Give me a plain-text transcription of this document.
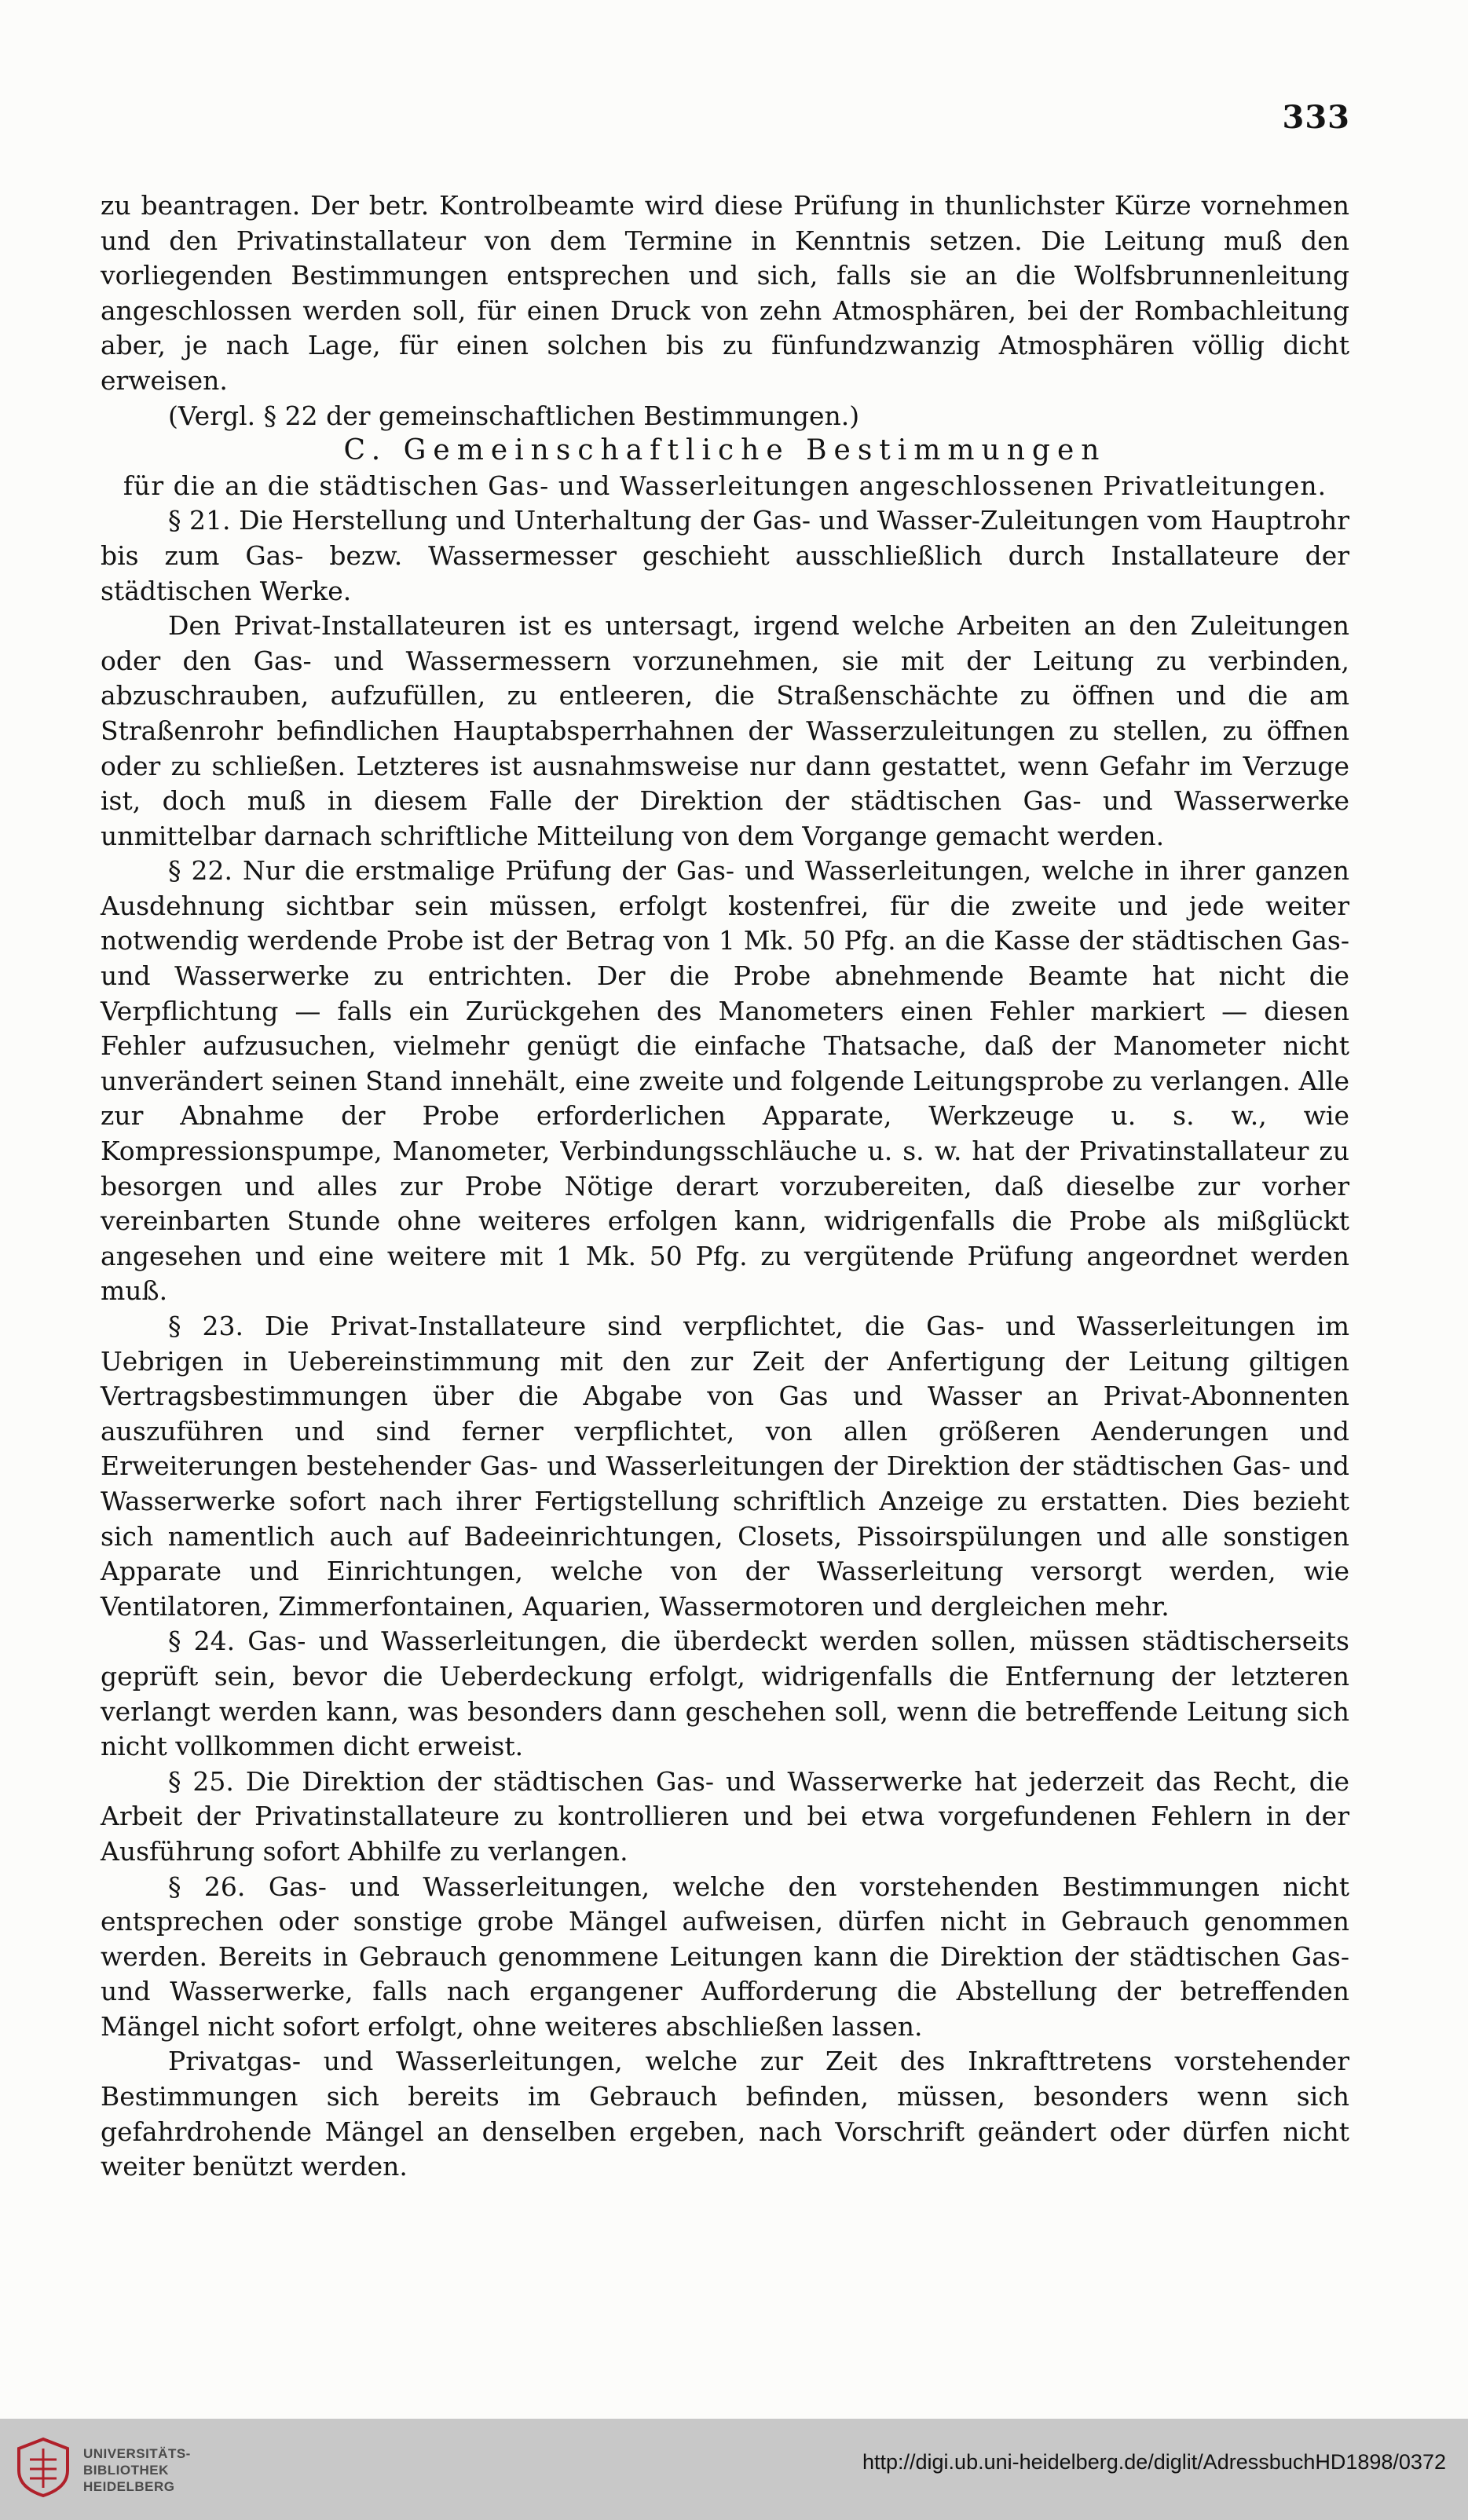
333

zu beantragen. Der betr. Kontrolbeamte wird diese Prüfung in thunlichster Kürze vornehmen und den Privatinstallateur von dem Termine in Kenntnis setzen. Die Leitung muß den vorliegenden Bestimmungen entsprechen und sich, falls sie an die Wolfsbrunnenleitung angeschlossen werden soll, für einen Druck von zehn Atmosphären, bei der Rombachleitung aber, je nach Lage, für einen solchen bis zu fünfundzwanzig Atmosphären völlig dicht erweisen.

(Vergl. § 22 der gemeinschaftlichen Bestimmungen.)

C. Gemeinschaftliche Bestimmungen

für die an die städtischen Gas- und Wasserleitungen angeschlossenen Privatleitungen.

§ 21. Die Herstellung und Unterhaltung der Gas- und Wasser-Zuleitungen vom Hauptrohr bis zum Gas- bezw. Wassermesser geschieht ausschließlich durch Installateure der städtischen Werke.

Den Privat-Installateuren ist es untersagt, irgend welche Arbeiten an den Zuleitungen oder den Gas- und Wassermessern vorzunehmen, sie mit der Leitung zu verbinden, abzuschrauben, aufzufüllen, zu entleeren, die Straßenschächte zu öffnen und die am Straßenrohr befindlichen Hauptabsperrhahnen der Wasserzuleitungen zu stellen, zu öffnen oder zu schließen. Letzteres ist ausnahmsweise nur dann gestattet, wenn Gefahr im Verzuge ist, doch muß in diesem Falle der Direktion der städtischen Gas- und Wasserwerke unmittelbar darnach schriftliche Mitteilung von dem Vorgange gemacht werden.

§ 22. Nur die erstmalige Prüfung der Gas- und Wasserleitungen, welche in ihrer ganzen Ausdehnung sichtbar sein müssen, erfolgt kostenfrei, für die zweite und jede weiter notwendig werdende Probe ist der Betrag von 1 Mk. 50 Pfg. an die Kasse der städtischen Gas- und Wasserwerke zu entrichten. Der die Probe abnehmende Beamte hat nicht die Verpflichtung — falls ein Zurückgehen des Manometers einen Fehler markiert — diesen Fehler aufzusuchen, vielmehr genügt die einfache Thatsache, daß der Manometer nicht unverändert seinen Stand innehält, eine zweite und folgende Leitungsprobe zu verlangen. Alle zur Abnahme der Probe erforderlichen Apparate, Werkzeuge u. s. w., wie Kompressionspumpe, Manometer, Verbindungsschläuche u. s. w. hat der Privatinstallateur zu besorgen und alles zur Probe Nötige derart vorzubereiten, daß dieselbe zur vorher vereinbarten Stunde ohne weiteres erfolgen kann, widrigenfalls die Probe als mißglückt angesehen und eine weitere mit 1 Mk. 50 Pfg. zu vergütende Prüfung angeordnet werden muß.

§ 23. Die Privat-Installateure sind verpflichtet, die Gas- und Wasserleitungen im Uebrigen in Uebereinstimmung mit den zur Zeit der Anfertigung der Leitung giltigen Vertragsbestimmungen über die Abgabe von Gas und Wasser an Privat-Abonnenten auszuführen und sind ferner verpflichtet, von allen größeren Aenderungen und Erweiterungen bestehender Gas- und Wasserleitungen der Direktion der städtischen Gas- und Wasserwerke sofort nach ihrer Fertigstellung schriftlich Anzeige zu erstatten. Dies bezieht sich namentlich auch auf Badeeinrichtungen, Closets, Pissoirspülungen und alle sonstigen Apparate und Einrichtungen, welche von der Wasserleitung versorgt werden, wie Ventilatoren, Zimmerfontainen, Aquarien, Wassermotoren und dergleichen mehr.

§ 24. Gas- und Wasserleitungen, die überdeckt werden sollen, müssen städtischerseits geprüft sein, bevor die Ueberdeckung erfolgt, widrigenfalls die Entfernung der letzteren verlangt werden kann, was besonders dann geschehen soll, wenn die betreffende Leitung sich nicht vollkommen dicht erweist.

§ 25. Die Direktion der städtischen Gas- und Wasserwerke hat jederzeit das Recht, die Arbeit der Privatinstallateure zu kontrollieren und bei etwa vorgefundenen Fehlern in der Ausführung sofort Abhilfe zu verlangen.

§ 26. Gas- und Wasserleitungen, welche den vorstehenden Bestimmungen nicht entsprechen oder sonstige grobe Mängel aufweisen, dürfen nicht in Gebrauch genommen werden. Bereits in Gebrauch genommene Leitungen kann die Direktion der städtischen Gas- und Wasserwerke, falls nach ergangener Aufforderung die Abstellung der betreffenden Mängel nicht sofort erfolgt, ohne weiteres abschließen lassen.

Privatgas- und Wasserleitungen, welche zur Zeit des Inkrafttretens vorstehender Bestimmungen sich bereits im Gebrauch befinden, müssen, besonders wenn sich gefahrdrohende Mängel an denselben ergeben, nach Vorschrift geändert oder dürfen nicht weiter benützt werden.

UNIVERSITÄTS-
BIBLIOTHEK
HEIDELBERG
http://digi.ub.uni-heidelberg.de/diglit/AdressbuchHD1898/0372
